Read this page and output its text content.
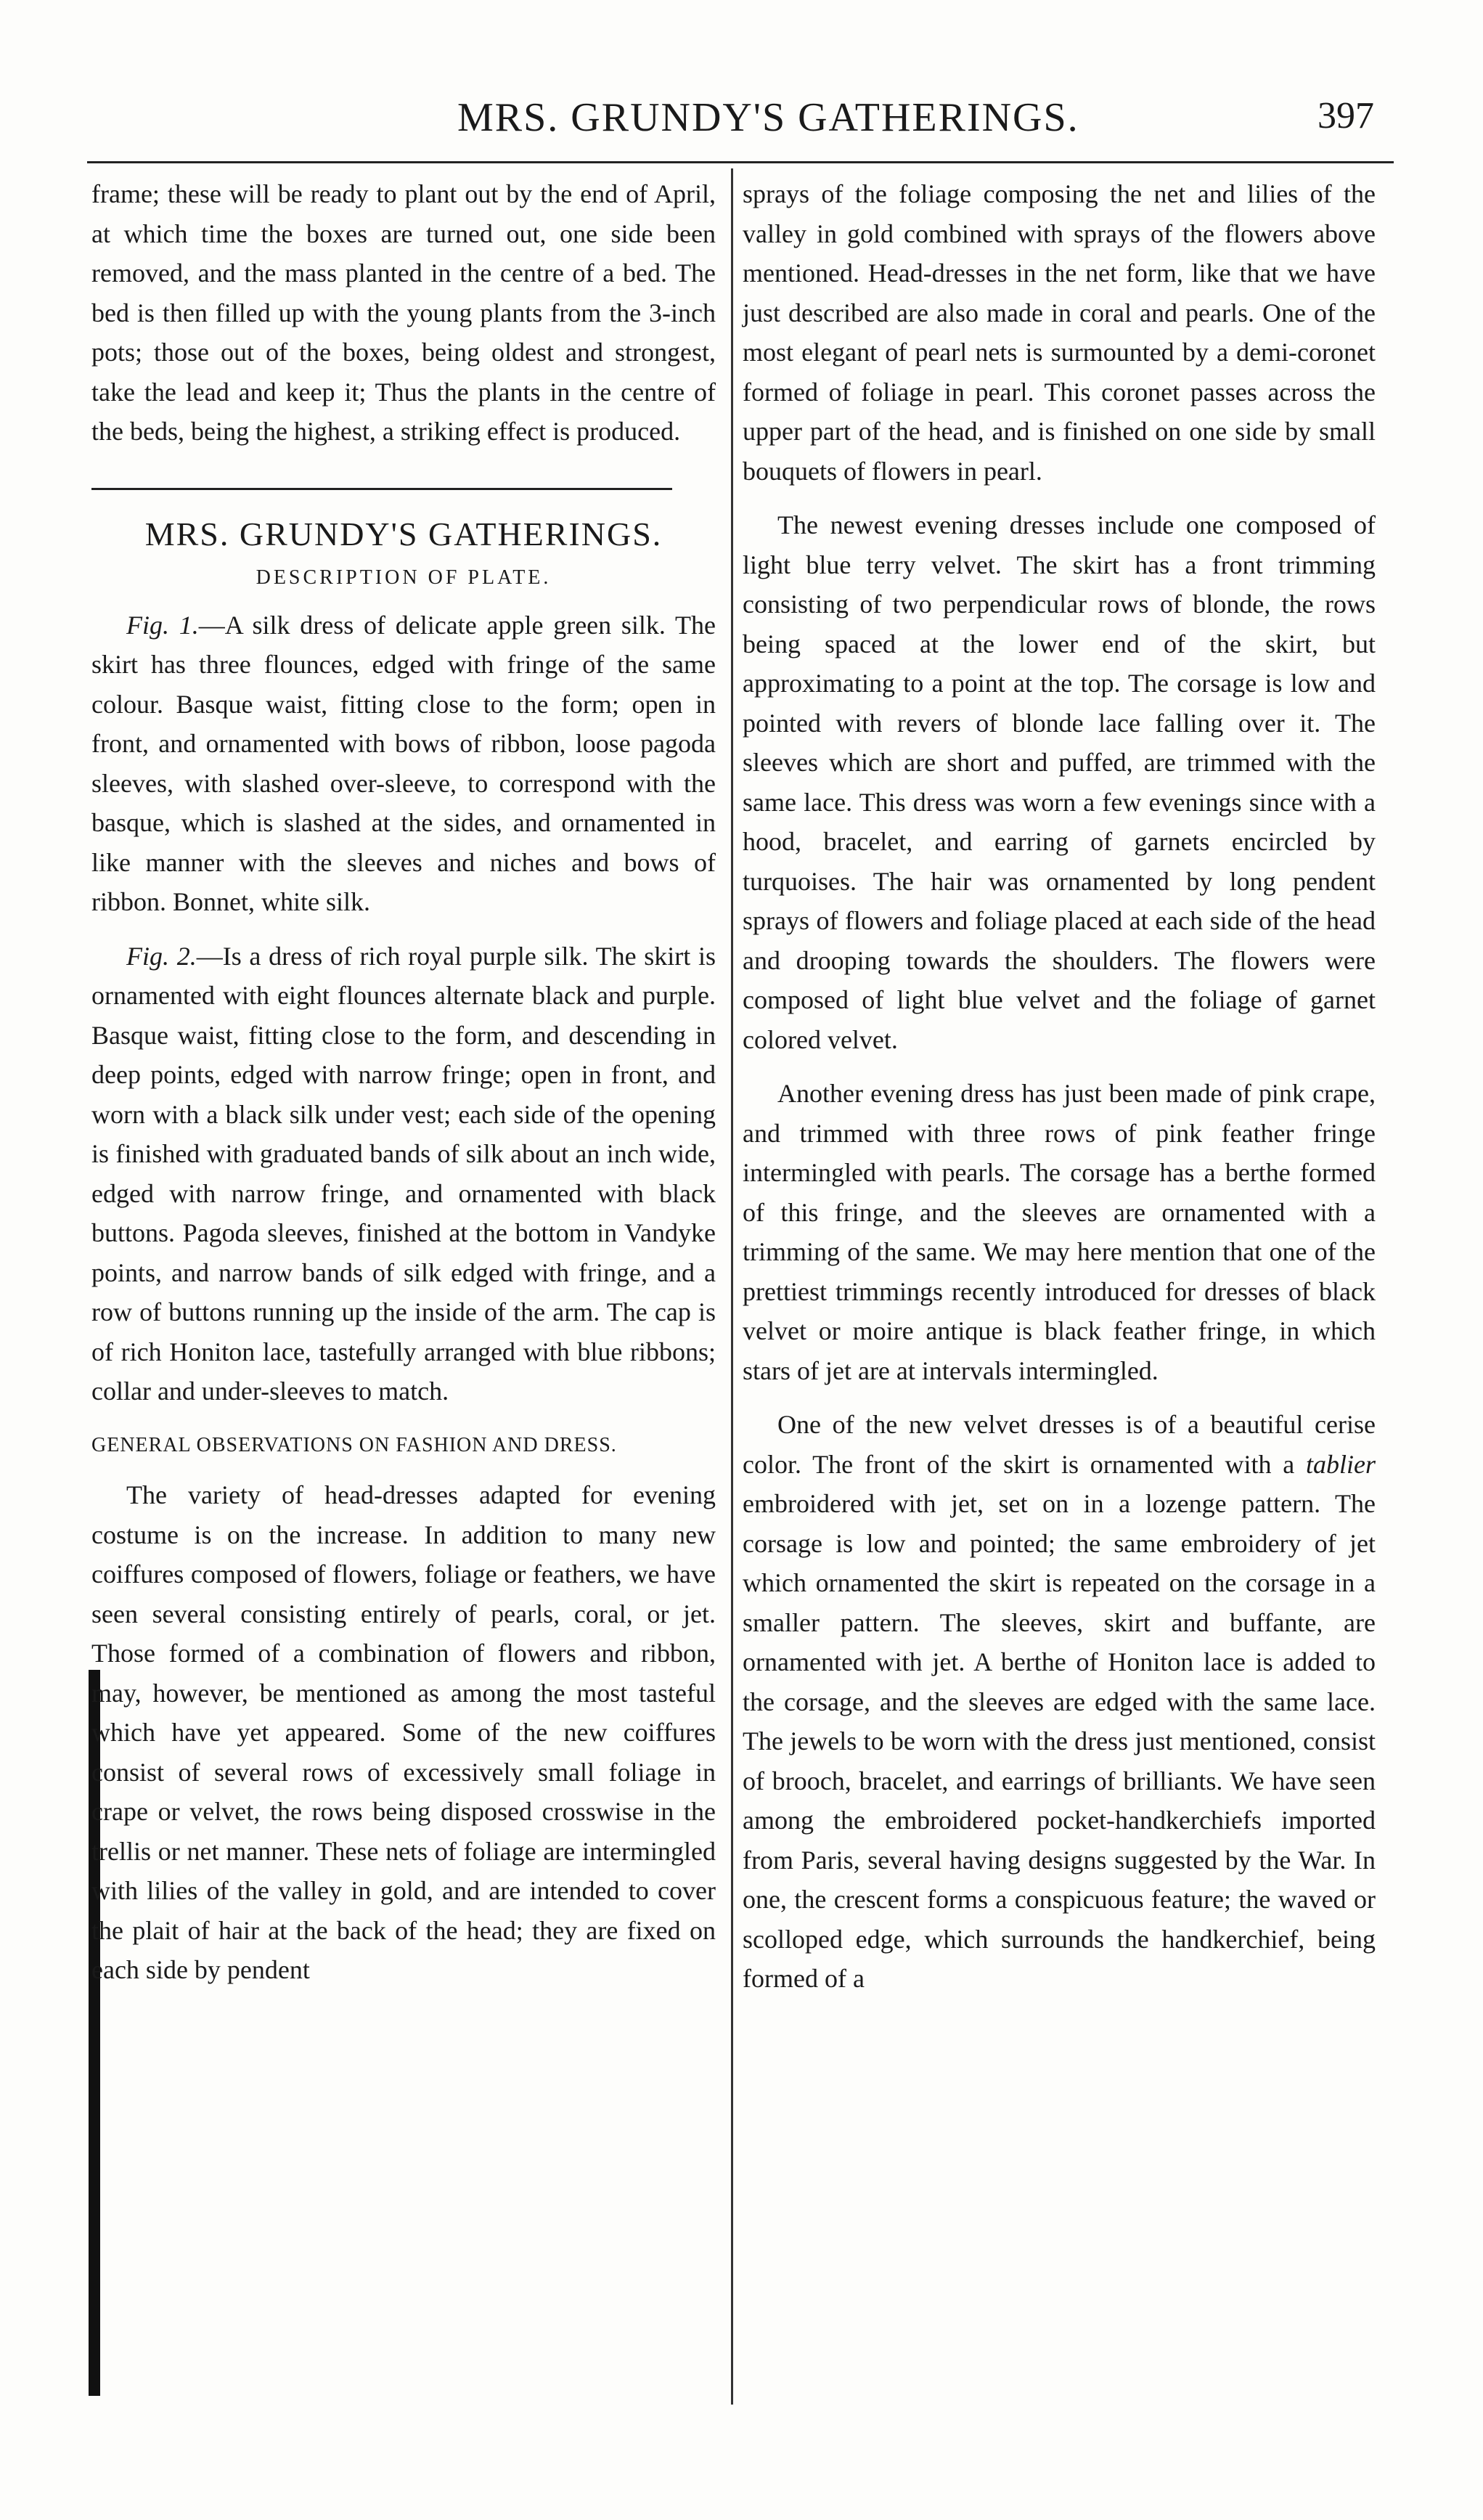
MRS. GRUNDY'S GATHERINGS.	397

frame; these will be ready to plant out by the end of April, at which time the boxes are turned out, one side been removed, and the mass planted in the centre of a bed. The bed is then filled up with the young plants from the 3-inch pots; those out of the boxes, being oldest and strongest, take the lead and keep it; Thus the plants in the centre of the beds, being the highest, a striking effect is produced.

MRS. GRUNDY'S GATHERINGS.
DESCRIPTION OF PLATE.

Fig. 1.—A silk dress of delicate apple green silk. The skirt has three flounces, edged with fringe of the same colour. Basque waist, fitting close to the form; open in front, and ornamented with bows of ribbon, loose pagoda sleeves, with slashed over-sleeve, to correspond with the basque, which is slashed at the sides, and ornamented in like manner with the sleeves and niches and bows of ribbon. Bonnet, white silk.

Fig. 2.—Is a dress of rich royal purple silk. The skirt is ornamented with eight flounces alternate black and purple. Basque waist, fitting close to the form, and descending in deep points, edged with narrow fringe; open in front, and worn with a black silk under vest; each side of the opening is finished with graduated bands of silk about an inch wide, edged with narrow fringe, and ornamented with black buttons. Pagoda sleeves, finished at the bottom in Vandyke points, and narrow bands of silk edged with fringe, and a row of buttons running up the inside of the arm. The cap is of rich Honiton lace, tastefully arranged with blue ribbons; collar and under-sleeves to match.

GENERAL OBSERVATIONS ON FASHION AND DRESS.

The variety of head-dresses adapted for evening costume is on the increase. In addition to many new coiffures composed of flowers, foliage or feathers, we have seen several consisting entirely of pearls, coral, or jet. Those formed of a combination of flowers and ribbon, may, however, be mentioned as among the most tasteful which have yet appeared. Some of the new coiffures consist of several rows of excessively small foliage in crape or velvet, the rows being disposed crosswise in the trellis or net manner. These nets of foliage are intermingled with lilies of the valley in gold, and are intended to cover the plait of hair at the back of the head; they are fixed on each side by pendent

sprays of the foliage composing the net and lilies of the valley in gold combined with sprays of the flowers above mentioned. Head-dresses in the net form, like that we have just described are also made in coral and pearls. One of the most elegant of pearl nets is surmounted by a demi-coronet formed of foliage in pearl. This coronet passes across the upper part of the head, and is finished on one side by small bouquets of flowers in pearl.

The newest evening dresses include one composed of light blue terry velvet. The skirt has a front trimming consisting of two perpendicular rows of blonde, the rows being spaced at the lower end of the skirt, but approximating to a point at the top. The corsage is low and pointed with revers of blonde lace falling over it. The sleeves which are short and puffed, are trimmed with the same lace. This dress was worn a few evenings since with a hood, bracelet, and earring of garnets encircled by turquoises. The hair was ornamented by long pendent sprays of flowers and foliage placed at each side of the head and drooping towards the shoulders. The flowers were composed of light blue velvet and the foliage of garnet colored velvet.

Another evening dress has just been made of pink crape, and trimmed with three rows of pink feather fringe intermingled with pearls. The corsage has a berthe formed of this fringe, and the sleeves are ornamented with a trimming of the same. We may here mention that one of the prettiest trimmings recently introduced for dresses of black velvet or moire antique is black feather fringe, in which stars of jet are at intervals intermingled.

One of the new velvet dresses is of a beautiful cerise color. The front of the skirt is ornamented with a tablier embroidered with jet, set on in a lozenge pattern. The corsage is low and pointed; the same embroidery of jet which ornamented the skirt is repeated on the corsage in a smaller pattern. The sleeves, skirt and buffante, are ornamented with jet. A berthe of Honiton lace is added to the corsage, and the sleeves are edged with the same lace. The jewels to be worn with the dress just mentioned, consist of brooch, bracelet, and earrings of brilliants. We have seen among the embroidered pocket-handkerchiefs imported from Paris, several having designs suggested by the War. In one, the crescent forms a conspicuous feature; the waved or scolloped edge, which surrounds the handkerchief, being formed of a
